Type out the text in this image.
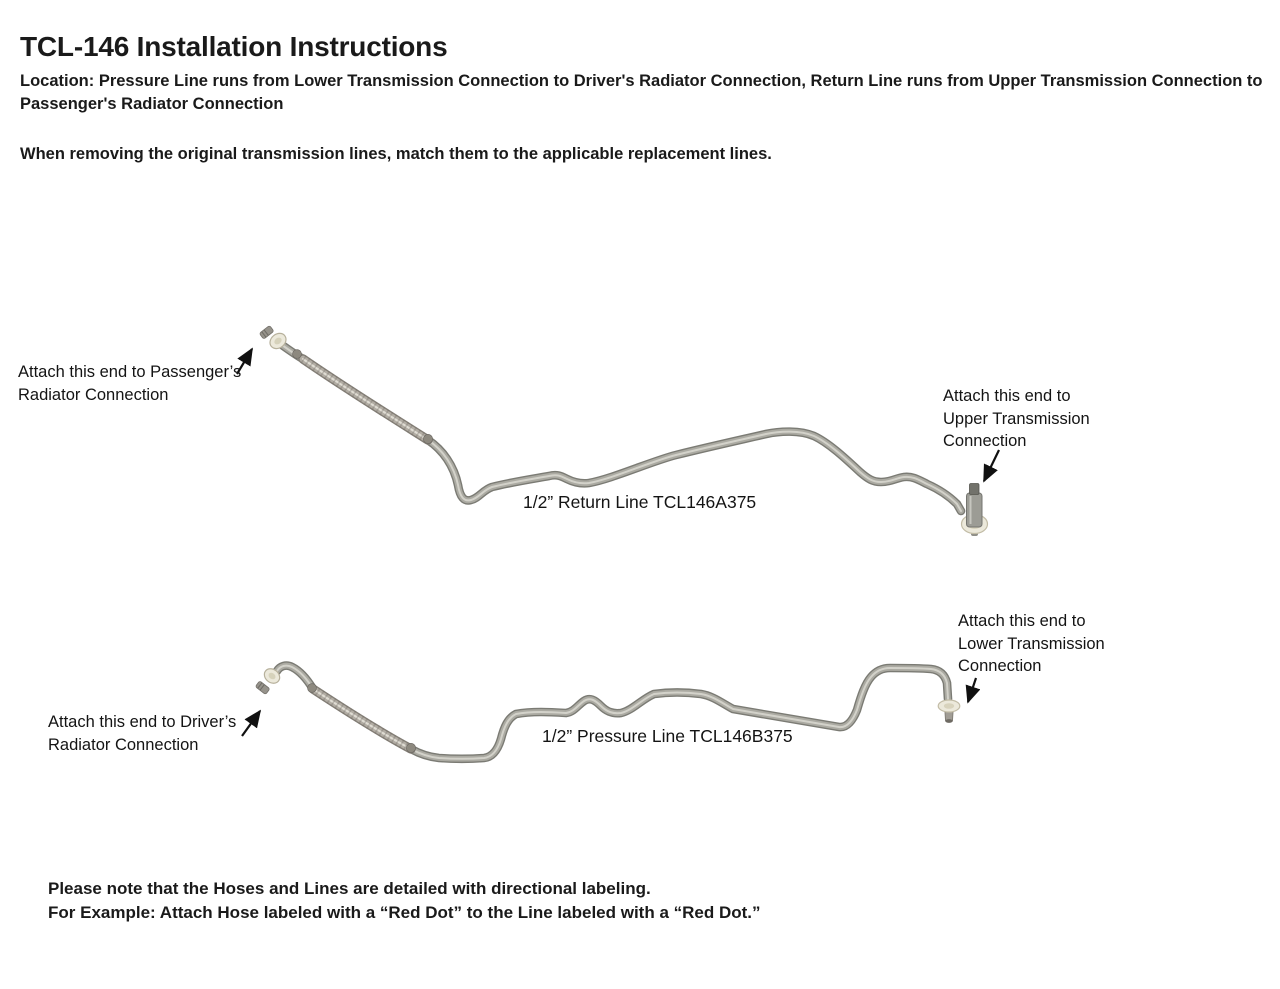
TCL-146 Installation Instructions
Location: Pressure Line runs from Lower Transmission Connection to Driver's Radiator Connection, Return Line runs from Upper Transmission Connection to Passenger's Radiator Connection
When removing the original transmission lines, match them to the applicable replacement lines.
Attach this end to Passenger’s
Radiator Connection	Attach this end to
Upper Transmission
Connection
1/2” Return Line TCL146A375
Attach this end to
Lower Transmission
Connection
Attach this end to Driver’s
Radiator Connection	1/2” Pressure Line TCL146B375
Please note that the Hoses and Lines are detailed with directional labeling.
For Example: Attach Hose labeled with a “Red Dot” to the Line labeled with a “Red Dot.”
